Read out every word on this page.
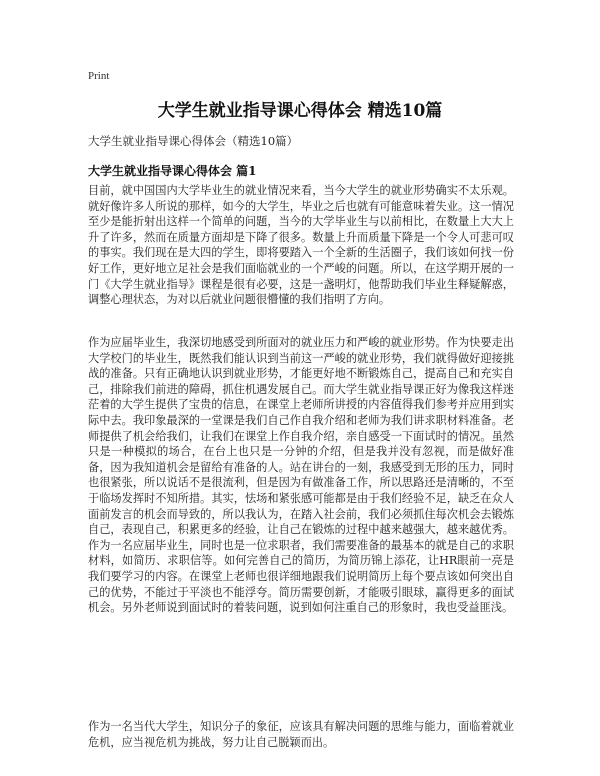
Print
大学生就业指导课心得体会 精选10篇
大学生就业指导课心得体会（精选10篇）
大学生就业指导课心得体会 篇1

目前，就中国国内大学毕业生的就业情况来看，当今大学生的就业形势确实不太乐观。就好像许多人所说的那样，如今的大学生，毕业之后也就有可能意味着失业。这一情况至少是能折射出这样一个简单的问题，当今的大学毕业生与以前相比，在数量上大大上升了许多，然而在质量方面却是下降了很多。数量上升而质量下降是一个令人可悲可叹的事实。我们现在是大四的学生，即将要踏入一个全新的生活圈子，我们该如何找一份好工作，更好地立足社会是我们面临就业的一个严峻的问题。所以，在这学期开展的一门《大学生就业指导》课程是很有必要，这是一盏明灯，他帮助我们毕业生释疑解惑，调整心理状态，为对以后就业问题很懵懂的我们指明了方向。

作为应届毕业生，我深切地感受到所面对的就业压力和严峻的就业形势。作为快要走出大学校门的毕业生，既然我们能认识到当前这一严峻的就业形势，我们就得做好迎接挑战的准备。只有正确地认识到就业形势，才能更好地不断锻炼自己，提高自己和充实自己，排除我们前进的障碍，抓住机遇发展自己。而大学生就业指导课正好为像我这样迷茫着的大学生提供了宝贵的信息，在课堂上老师所讲授的内容值得我们参考并应用到实际中去。我印象最深的一堂课是我们自己作自我介绍和老师为我们讲求职材料准备。老师提供了机会给我们，让我们在课堂上作自我介绍，亲自感受一下面试时的情况。虽然只是一种模拟的场合，在台上也只是一分钟的介绍，但是我并没有忽视，而是做好准备，因为我知道机会是留给有准备的人。站在讲台的一刻，我感受到无形的压力，同时也很紧张，所以说话不是很流利，但是因为有做准备工作，所以思路还是清晰的，不至于临场发挥时不知所措。其实，怯场和紧张感可能都是由于我们经验不足，缺乏在众人面前发言的机会而导致的，所以我认为，在踏入社会前，我们必须抓住每次机会去锻炼自己，表现自己，积累更多的经验，让自己在锻炼的过程中越来越强大，越来越优秀。作为一名应届毕业生，同时也是一位求职者，我们需要准备的最基本的就是自己的求职材料，如简历、求职信等。如何完善自己的简历，为简历锦上添花，让HR眼前一亮是我们要学习的内容。在课堂上老师也很详细地跟我们说明简历上每个要点该如何突出自己的优势，不能过于平淡也不能浮夸。简历需要创新，才能吸引眼球，赢得更多的面试机会。另外老师说到面试时的着装问题，说到如何注重自己的形象时，我也受益匪浅。

作为一名当代大学生，知识分子的象征，应该具有解决问题的思维与能力，面临着就业危机，应当视危机为挑战，努力让自己脱颖而出。
